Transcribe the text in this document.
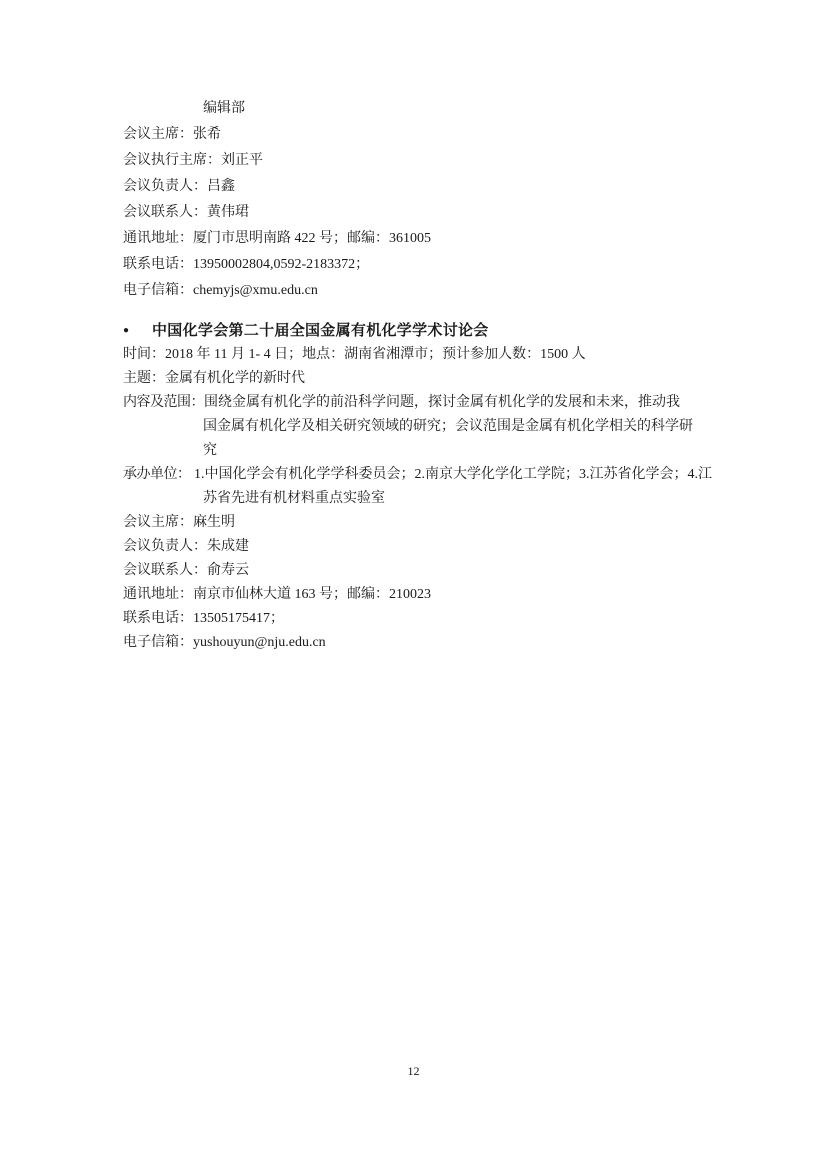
编辑部
会议主席：张希
会议执行主席：刘正平
会议负责人：吕鑫
会议联系人：黄伟珺
通讯地址：厦门市思明南路 422 号；邮编：361005
联系电话：13950002804,0592-2183372；
电子信箱：chemyjs@xmu.edu.cn
● 中国化学会第二十届全国金属有机化学学术讨论会
时间：2018 年 11 月 1- 4 日；地点：湖南省湘潭市；预计参加人数：1500 人
主题：金属有机化学的新时代
内容及范围：围绕金属有机化学的前沿科学问题，探讨金属有机化学的发展和未来，推动我
国金属有机化学及相关研究领域的研究；会议范围是金属有机化学相关的科学研
究
承办单位： 1.中国化学会有机化学学科委员会；2.南京大学化学化工学院；3.江苏省化学会；4.江
苏省先进有机材料重点实验室
会议主席：麻生明
会议负责人：朱成建
会议联系人：俞寿云
通讯地址：南京市仙林大道 163 号；邮编：210023
联系电话：13505175417；
电子信箱：yushouyun@nju.edu.cn
12
